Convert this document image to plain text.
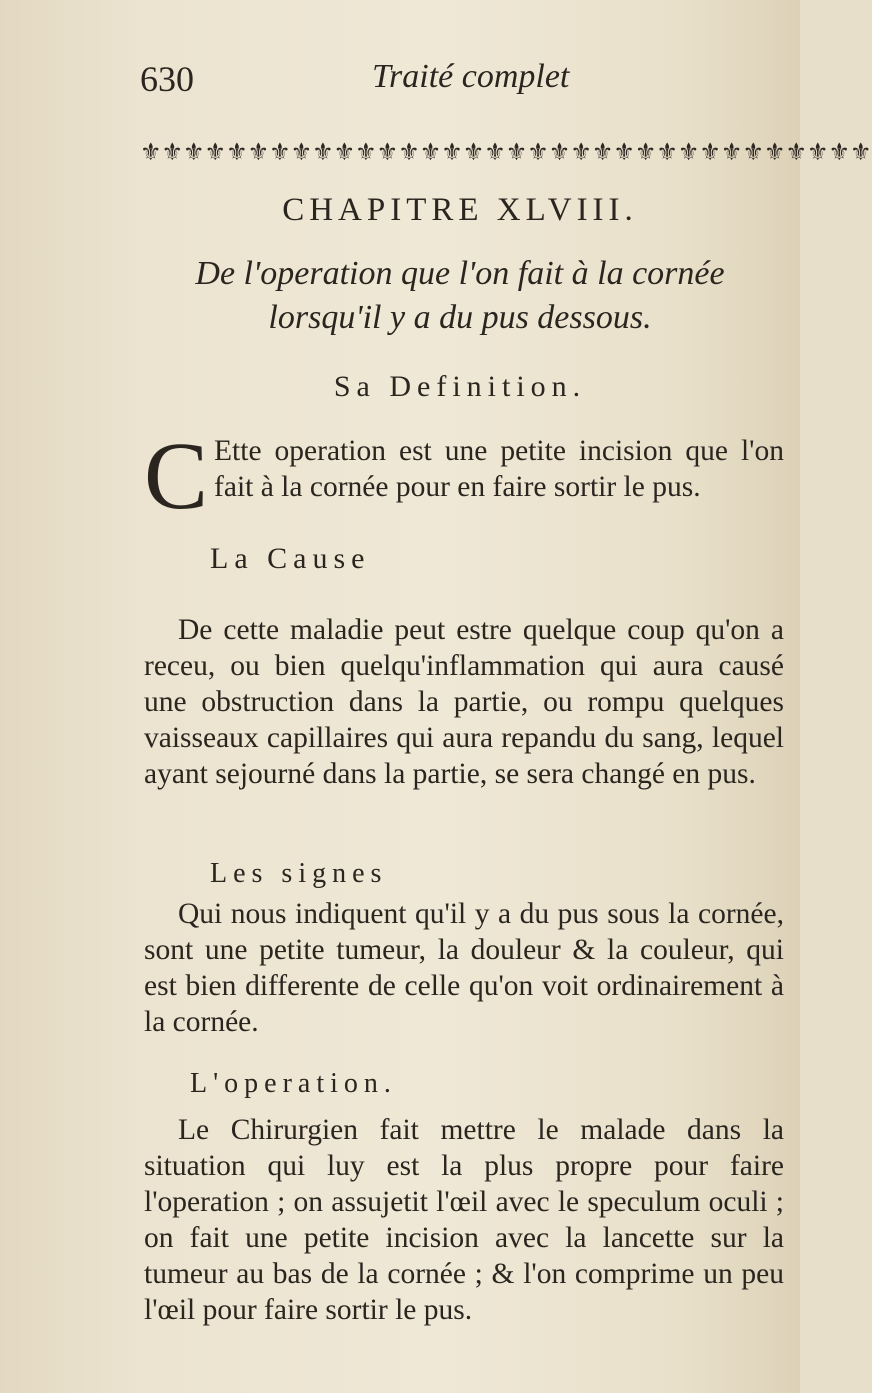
630	Traité complet
⚜ ⚜ ⚜ ⚜ ⚜ ⚜ ⚜ ⚜ ⚜ ⚜ ⚜ ⚜ ⚜ ⚜ ⚜ ⚜ ⚜ ⚜ ⚜ ⚜ ⚜ ⚜ ⚜ ⚜ ⚜ ⚜ ⚜ ⚜ ⚜ ⚜ ⚜ ⚜ ⚜ ⚜
CHAPITRE XLVIII.
De l'operation que l'on fait à la cornée
lorsqu'il y a du pus dessous.
Sa Definition.

C Ette operation est une petite incision que l'on fait à la cornée pour en faire sortir le pus.

La Cause

De cette maladie peut estre quelque coup qu'on a receu, ou bien quelqu'inflammation qui aura causé une obstruction dans la partie, ou rompu quelques vaisseaux capillaires qui aura repandu du sang, lequel ayant sejourné dans la partie, se sera changé en pus.

Les signes

Qui nous indiquent qu'il y a du pus sous la cornée, sont une petite tumeur, la douleur & la couleur, qui est bien differente de celle qu'on voit ordinairement à la cornée.

L'operation.

Le Chirurgien fait mettre le malade dans la situation qui luy est la plus propre pour faire l'operation ; on assujetit l'œil avec le speculum oculi ; on fait une petite incision avec la lancette sur la tumeur au bas de la cornée ; & l'on comprime un peu l'œil pour faire sortir le pus.
